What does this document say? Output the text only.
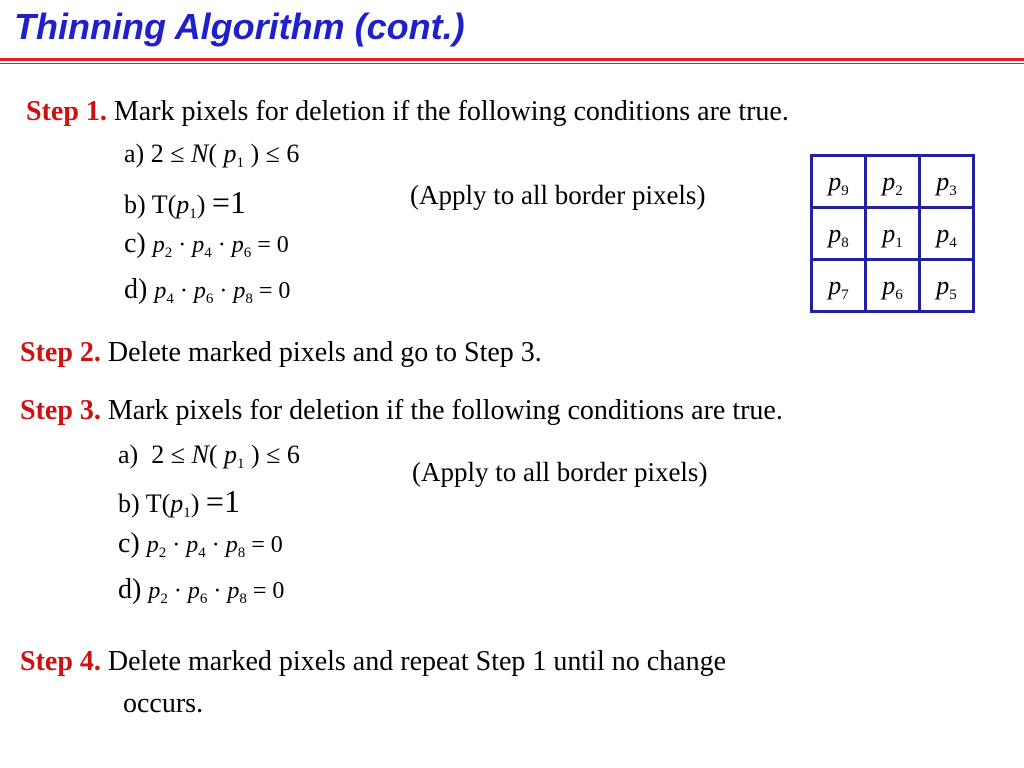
Thinning Algorithm (cont.)
Step 1. Mark pixels for deletion if the following conditions are true.
a) 2 ≤ N( $p_1$ ) ≤ 6
b) $T(p_1) =1$
c) $p_2 \cdot p_4 \cdot p_6 = 0$
d) $p_4 \cdot p_6 \cdot p_8 = 0$
(Apply to all border pixels)	$p_9$	$p_2$	$p_3$
$p_8$	$p_1$	$p_4$
$p_7$	$p_6$	$p_5$
Step 2. Delete marked pixels and go to Step 3.
Step 3. Mark pixels for deletion if the following conditions are true.
a)  2 ≤ N( $p_1$ ) ≤ 6
b) $T(p_1) =1$
c) $p_2 \cdot p_4 \cdot p_8 = 0$
d) $p_2 \cdot p_6 \cdot p_8 = 0$
(Apply to all border pixels)
Step 4. Delete marked pixels and repeat Step 1 until no change
occurs.
